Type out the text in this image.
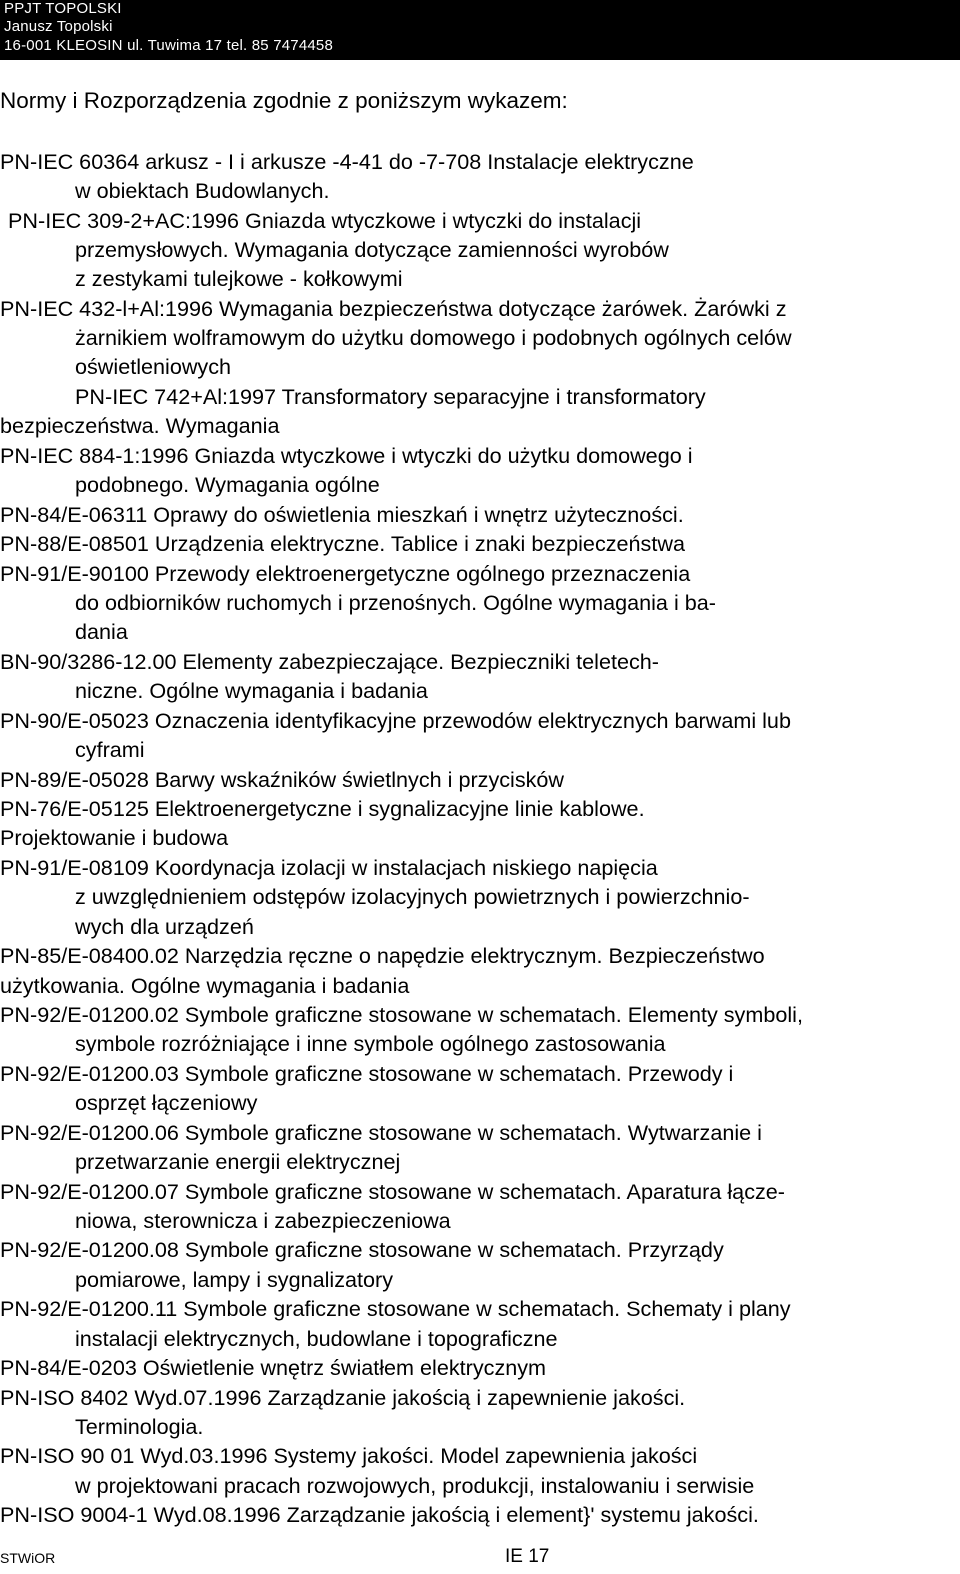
PPJT TOPOLSKI
Janusz Topolski
16-001 KLEOSIN ul. Tuwima 17 tel. 85 7474458
Normy i Rozporządzenia zgodnie z poniższym wykazem:
PN-IEC 60364 arkusz - I i arkusze -4-41 do -7-708 Instalacje elektryczne
w obiektach Budowlanych.
PN-IEC 309-2+AC:1996 Gniazda wtyczkowe i wtyczki do instalacji
przemysłowych. Wymagania dotyczące zamienności wyrobów
z zestykami tulejkowe - kołkowymi
PN-IEC 432-l+Al:1996 Wymagania bezpieczeństwa dotyczące żarówek. Żarówki z
żarnikiem wolframowym do użytku domowego i podobnych ogólnych celów
oświetleniowych
PN-IEC 742+Al:1997 Transformatory separacyjne i transformatory
bezpieczeństwa. Wymagania
PN-IEC 884-1:1996 Gniazda wtyczkowe i wtyczki do użytku domowego i
podobnego. Wymagania ogólne
PN-84/E-06311 Oprawy do oświetlenia mieszkań i wnętrz użyteczności.
PN-88/E-08501 Urządzenia elektryczne. Tablice i znaki bezpieczeństwa
PN-91/E-90100 Przewody elektroenergetyczne ogólnego przeznaczenia
do odbiorników ruchomych i przenośnych. Ogólne wymagania i ba-
dania
BN-90/3286-12.00 Elementy zabezpieczające. Bezpieczniki teletech-
niczne. Ogólne wymagania i badania
PN-90/E-05023 Oznaczenia identyfikacyjne przewodów elektrycznych barwami lub
cyframi
PN-89/E-05028 Barwy wskaźników świetlnych i przycisków
PN-76/E-05125 Elektroenergetyczne i sygnalizacyjne linie kablowe.
Projektowanie i budowa
PN-91/E-08109 Koordynacja izolacji w instalacjach niskiego napięcia
z uwzględnieniem odstępów izolacyjnych powietrznych i powierzchnio-
wych dla urządzeń
PN-85/E-08400.02 Narzędzia ręczne o napędzie elektrycznym. Bezpieczeństwo
użytkowania. Ogólne wymagania i badania
PN-92/E-01200.02 Symbole graficzne stosowane w schematach. Elementy symboli,
symbole rozróżniające i inne symbole ogólnego zastosowania
PN-92/E-01200.03 Symbole graficzne stosowane w schematach. Przewody i
osprzęt łączeniowy
PN-92/E-01200.06 Symbole graficzne stosowane w schematach. Wytwarzanie i
przetwarzanie energii elektrycznej
PN-92/E-01200.07 Symbole graficzne stosowane w schematach. Aparatura łącze-
niowa, sterownicza i zabezpieczeniowa
PN-92/E-01200.08 Symbole graficzne stosowane w schematach. Przyrządy
pomiarowe, lampy i sygnalizatory
PN-92/E-01200.11 Symbole graficzne stosowane w schematach. Schematy i plany
instalacji elektrycznych, budowlane i topograficzne
PN-84/E-0203 Oświetlenie wnętrz światłem elektrycznym
PN-ISO 8402 Wyd.07.1996 Zarządzanie jakością i zapewnienie jakości.
Terminologia.
PN-ISO 90 01 Wyd.03.1996 Systemy jakości. Model zapewnienia jakości
w projektowani pracach rozwojowych, produkcji, instalowaniu i serwisie
PN-ISO 9004-1 Wyd.08.1996 Zarządzanie jakością i element}' systemu jakości.
STWiOR	IE 17
